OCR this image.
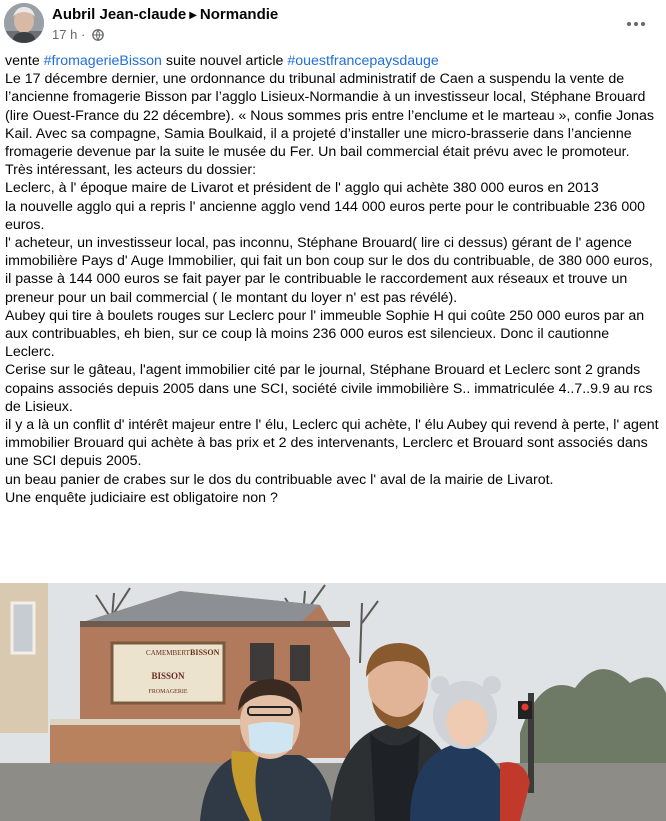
Aubril Jean-claude ▶ Normandie
17 h ·

vente #fromagerieBisson suite nouvel article #ouestfrancepaysdauge

Le 17 décembre dernier, une ordonnance du tribunal administratif de Caen a suspendu la vente de l’ancienne fromagerie Bisson par l’agglo Lisieux-Normandie à un investisseur local, Stéphane Brouard (lire Ouest-France du 22 décembre). « Nous sommes pris entre l’enclume et le marteau », confie Jonas Kail. Avec sa compagne, Samia Boulkaid, il a projeté d’installer une micro-brasserie dans l’ancienne fromagerie devenue par la suite le musée du Fer. Un bail commercial était prévu avec le promoteur.

Très intéressant, les acteurs du dossier:

Leclerc, à l' époque maire de Livarot et président de l' agglo qui achète 380 000 euros en 2013

la nouvelle agglo qui a repris l' ancienne agglo vend 144 000 euros perte pour le contribuable 236 000 euros.

l' acheteur, un investisseur local, pas inconnu, Stéphane Brouard( lire ci dessus) gérant de l' agence immobilière Pays d' Auge Immobilier, qui fait un bon coup sur le dos du contribuable, de 380 000 euros, il passe à 144 000 euros se fait payer par le contribuable le raccordement aux réseaux et trouve un preneur pour un bail commercial ( le montant du loyer n' est pas révélé).

Aubey qui tire à boulets rouges sur Leclerc pour l' immeuble Sophie H qui coûte 250 000 euros par an aux contribuables, eh bien, sur ce coup là moins 236 000 euros est silencieux. Donc il cautionne Leclerc.

Cerise sur le gâteau, l'agent immobilier cité par le journal, Stéphane Brouard et Leclerc sont 2 grands copains associés depuis 2005 dans une SCI, société civile immobilière S.. immatriculée 4..7..9.9 au rcs de Lisieux.

il y a là un conflit d' intérêt majeur entre l' élu, Leclerc qui achète, l' élu Aubey qui revend à perte, l' agent immobilier Brouard qui achète à bas prix et 2 des intervenants, Lerclerc et Brouard sont associés dans une SCI depuis 2005.

un beau panier de crabes sur le dos du contribuable avec l' aval de la mairie de Livarot.

Une enquête judiciaire est obligatoire non ?

CAMEMBERT BISSON
BISSON
FROMAGERIE
